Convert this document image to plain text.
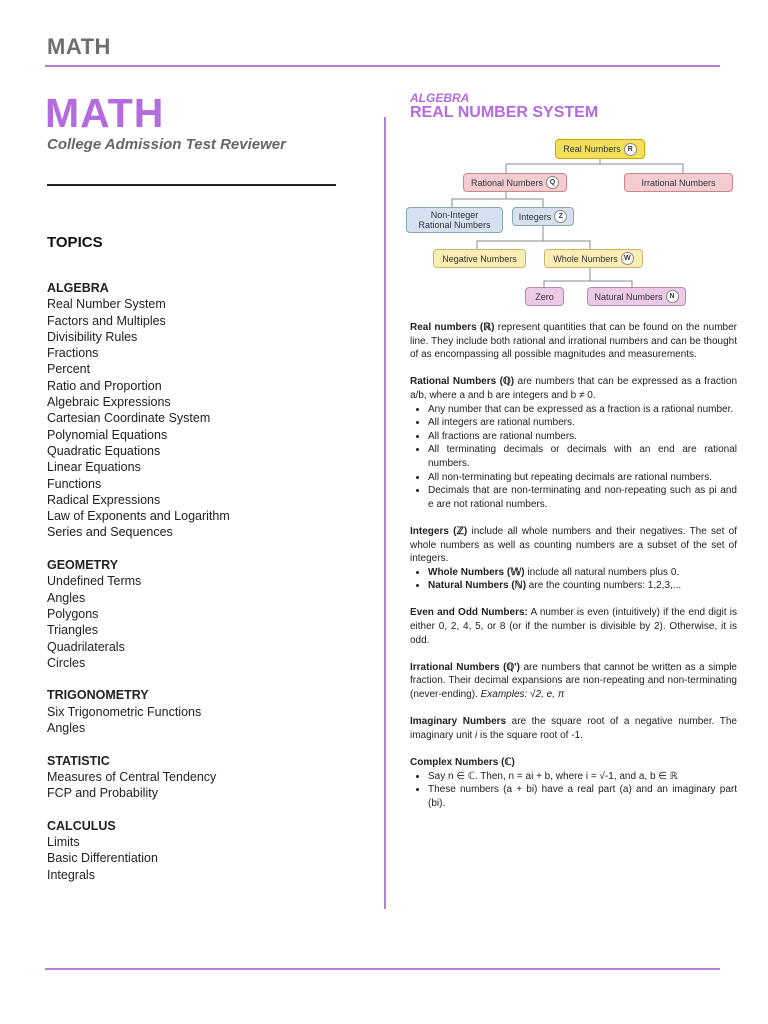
MATH
MATH
College Admission Test Reviewer
TOPICS
ALGEBRA
Real Number System
Factors and Multiples
Divisibility Rules
Fractions
Percent
Ratio and Proportion
Algebraic Expressions
Cartesian Coordinate System
Polynomial Equations
Quadratic Equations
Linear Equations
Functions
Radical Expressions
Law of Exponents and Logarithm
Series and Sequences
GEOMETRY
Undefined Terms
Angles
Polygons
Triangles
Quadrilaterals
Circles
TRIGONOMETRY
Six Trigonometric Functions
Angles
STATISTIC
Measures of Central Tendency
FCP and Probability
CALCULUS
Limits
Basic Differentiation
Integrals
ALGEBRA
REAL NUMBER SYSTEM
Real Numbers R
Rational Numbers Q	Irrational Numbers
Non-Integer
Rational Numbers
Integers	Z
Negative Numbers	Whole Numbers W
Zero	Natural Numbers N

Real numbers (ℝ) represent quantities that can be found on the number line. They include both rational and irrational numbers and can be thought of as encompassing all possible magnitudes and measurements.

Rational Numbers (ℚ) are numbers that can be expressed as a fraction a/b, where a and b are integers and b ≠ 0.

• Any number that can be expressed as a fraction is a rational number.
• All integers are rational numbers.
• All fractions are rational numbers.
• All terminating decimals or decimals with an end are rational numbers.
• All non-terminating but repeating decimals are rational numbers.
• Decimals that are non-terminating and non-repeating such as pi and e are not rational numbers.

Integers (ℤ) include all whole numbers and their negatives. The set of whole numbers as well as counting numbers are a subset of the set of integers.

• Whole Numbers (𝕎) include all natural numbers plus 0.
• Natural Numbers (ℕ) are the counting numbers: 1,2,3,...

Even and Odd Numbers: A number is even (intuitively) if the end digit is either 0, 2, 4, 5, or 8 (or if the number is divisible by 2). Otherwise, it is odd.

Irrational Numbers (ℚ') are numbers that cannot be written as a simple fraction. Their decimal expansions are non-repeating and non-terminating (never-ending). Examples: √2, e, π

Imaginary Numbers are the square root of a negative number. The imaginary unit i is the square root of -1.

Complex Numbers (ℂ)

• Say n ∈ ℂ. Then, n = ai + b, where i = √-1, and a, b ∈ ℝ
• These numbers (a + bi) have a real part (a) and an imaginary part (bi).
